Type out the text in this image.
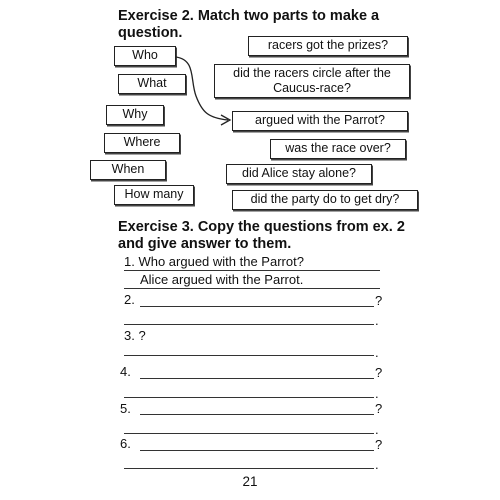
Exercise 2. Match two parts to make a
question.
Who
What
Why
Where
When
How many
racers got the prizes?
did the racers circle after the Caucus-race?
argued with the Parrot?
was the race over?
did Alice stay alone?
did the party do to get dry?
Exercise 3. Copy the questions from ex. 2
and give answer to them.
1. Who argued with the Parrot?
Alice argued with the Parrot.
2.	?
.
3. ?
.
4.	?
.
5.	?
.
6.	?
.
21
